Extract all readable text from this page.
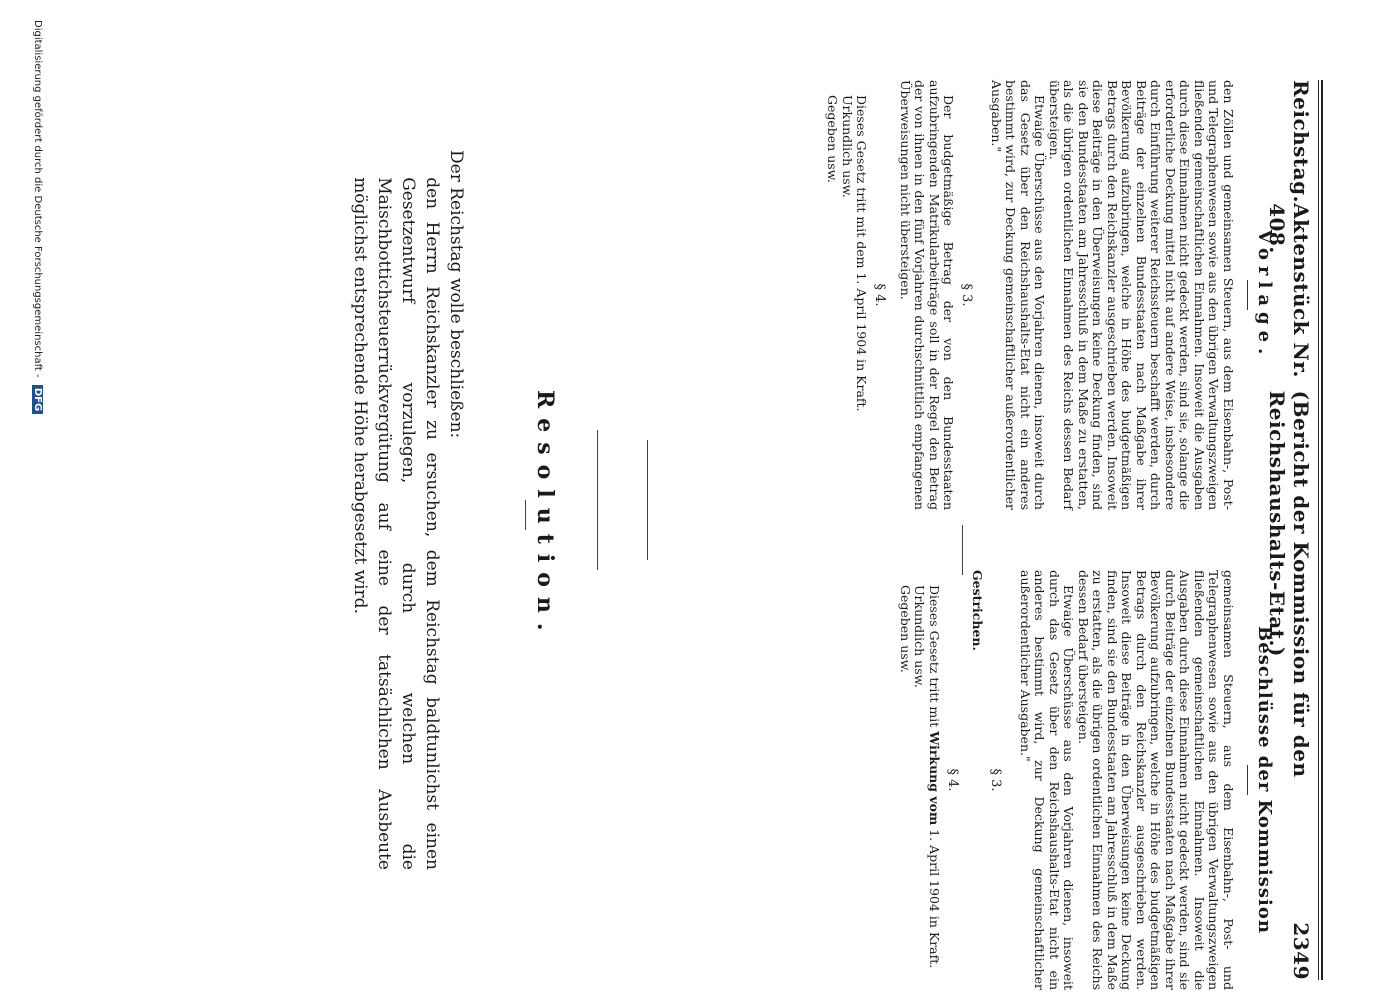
Reichstag.
Aktenstück Nr. 408.
(Bericht der Kommission für den Reichshaushalts-Etat.)
2349
Vorlage.

den Zöllen und gemeinsamen Steuern, aus dem Eisenbahn-, Post- und Telegraphenwesen sowie aus den übrigen Verwaltungszweigen fließenden gemeinschaftlichen Einnahmen. Insoweit die Ausgaben durch diese Einnahmen nicht gedeckt werden, sind sie, solange die erforderliche Deckung mittel nicht auf andere Weise, insbesondere durch Einführung weiterer Reichssteuern beschafft werden, durch Beiträge der einzelnen Bundesstaaten nach Maßgabe ihrer Bevölkerung aufzubringen, welche in Höhe des budgetmäßigen Betrags durch den Reichskanzler ausgeschrieben werden. Insoweit diese Beiträge in den Überweisungen keine Deckung finden, sind sie den Bundesstaaten am Jahresschluß in dem Maße zu erstatten, als die übrigen ordentlichen Einnahmen des Reichs dessen Bedarf übersteigen.

Etwaige Überschüsse aus den Vorjahren dienen, insoweit durch das Gesetz über den Reichshaushalts-Etat nicht ein anderes bestimmt wird, zur Deckung gemeinschaftlicher außerordentlicher Ausgaben."

§ 3.

Der budgetmäßige Betrag der von den Bundesstaaten aufzubringenden Matrikularbeiträge soll in der Regel den Betrag der von ihnen in den fünf Vorjahren durchschnittlich empfangenen Überweisungen nicht übersteigen.

§ 4.

Dieses Gesetz tritt mit dem 1. April 1904 in Kraft.

Urkundlich usw.

Gegeben usw.

Beschlüsse der Kommission

gemeinsamen Steuern, aus dem Eisenbahn-, Post- und Telegraphenwesen sowie aus den übrigen Verwaltungszweigen fließenden gemeinschaftlichen Einnahmen. Insoweit die Ausgaben durch diese Einnahmen nicht gedeckt werden, sind sie durch Beiträge der einzelnen Bundesstaaten nach Maßgabe ihrer Bevölkerung aufzubringen, welche in Höhe des budgetmäßigen Betrags durch den Reichskanzler ausgeschrieben werden. Insoweit diese Beiträge in den Überweisungen keine Deckung finden, sind sie den Bundesstaaten am Jahresschluß in dem Maße zu erstatten, als die übrigen ordentlichen Einnahmen des Reichs dessen Bedarf übersteigen.

Etwaige Überschüsse aus den Vorjahren dienen, insoweit durch das Gesetz über den Reichshaushalts-Etat nicht ein anderes bestimmt wird, zur Deckung gemeinschaftlicher außerordentlicher Ausgaben."

§ 3.

Gestrichen.

§ 4.

Dieses Gesetz tritt mit Wirkung vom 1. April 1904 in Kraft.

Urkundlich usw.

Gegeben usw.

Resolution.
Der Reichstag wolle beschließen:
den Herrn Reichskanzler zu ersuchen, dem Reichstag baldtunlichst einen Gesetzentwurf vorzulegen, durch welchen die Maischbottichsteuerrückvergütung auf eine der tatsächlichen Ausbeute möglichst entsprechende Höhe herabgesetzt wird.
Digitalisierung gefördert durch die Deutsche Forschungsgemeinschaft - DFG
